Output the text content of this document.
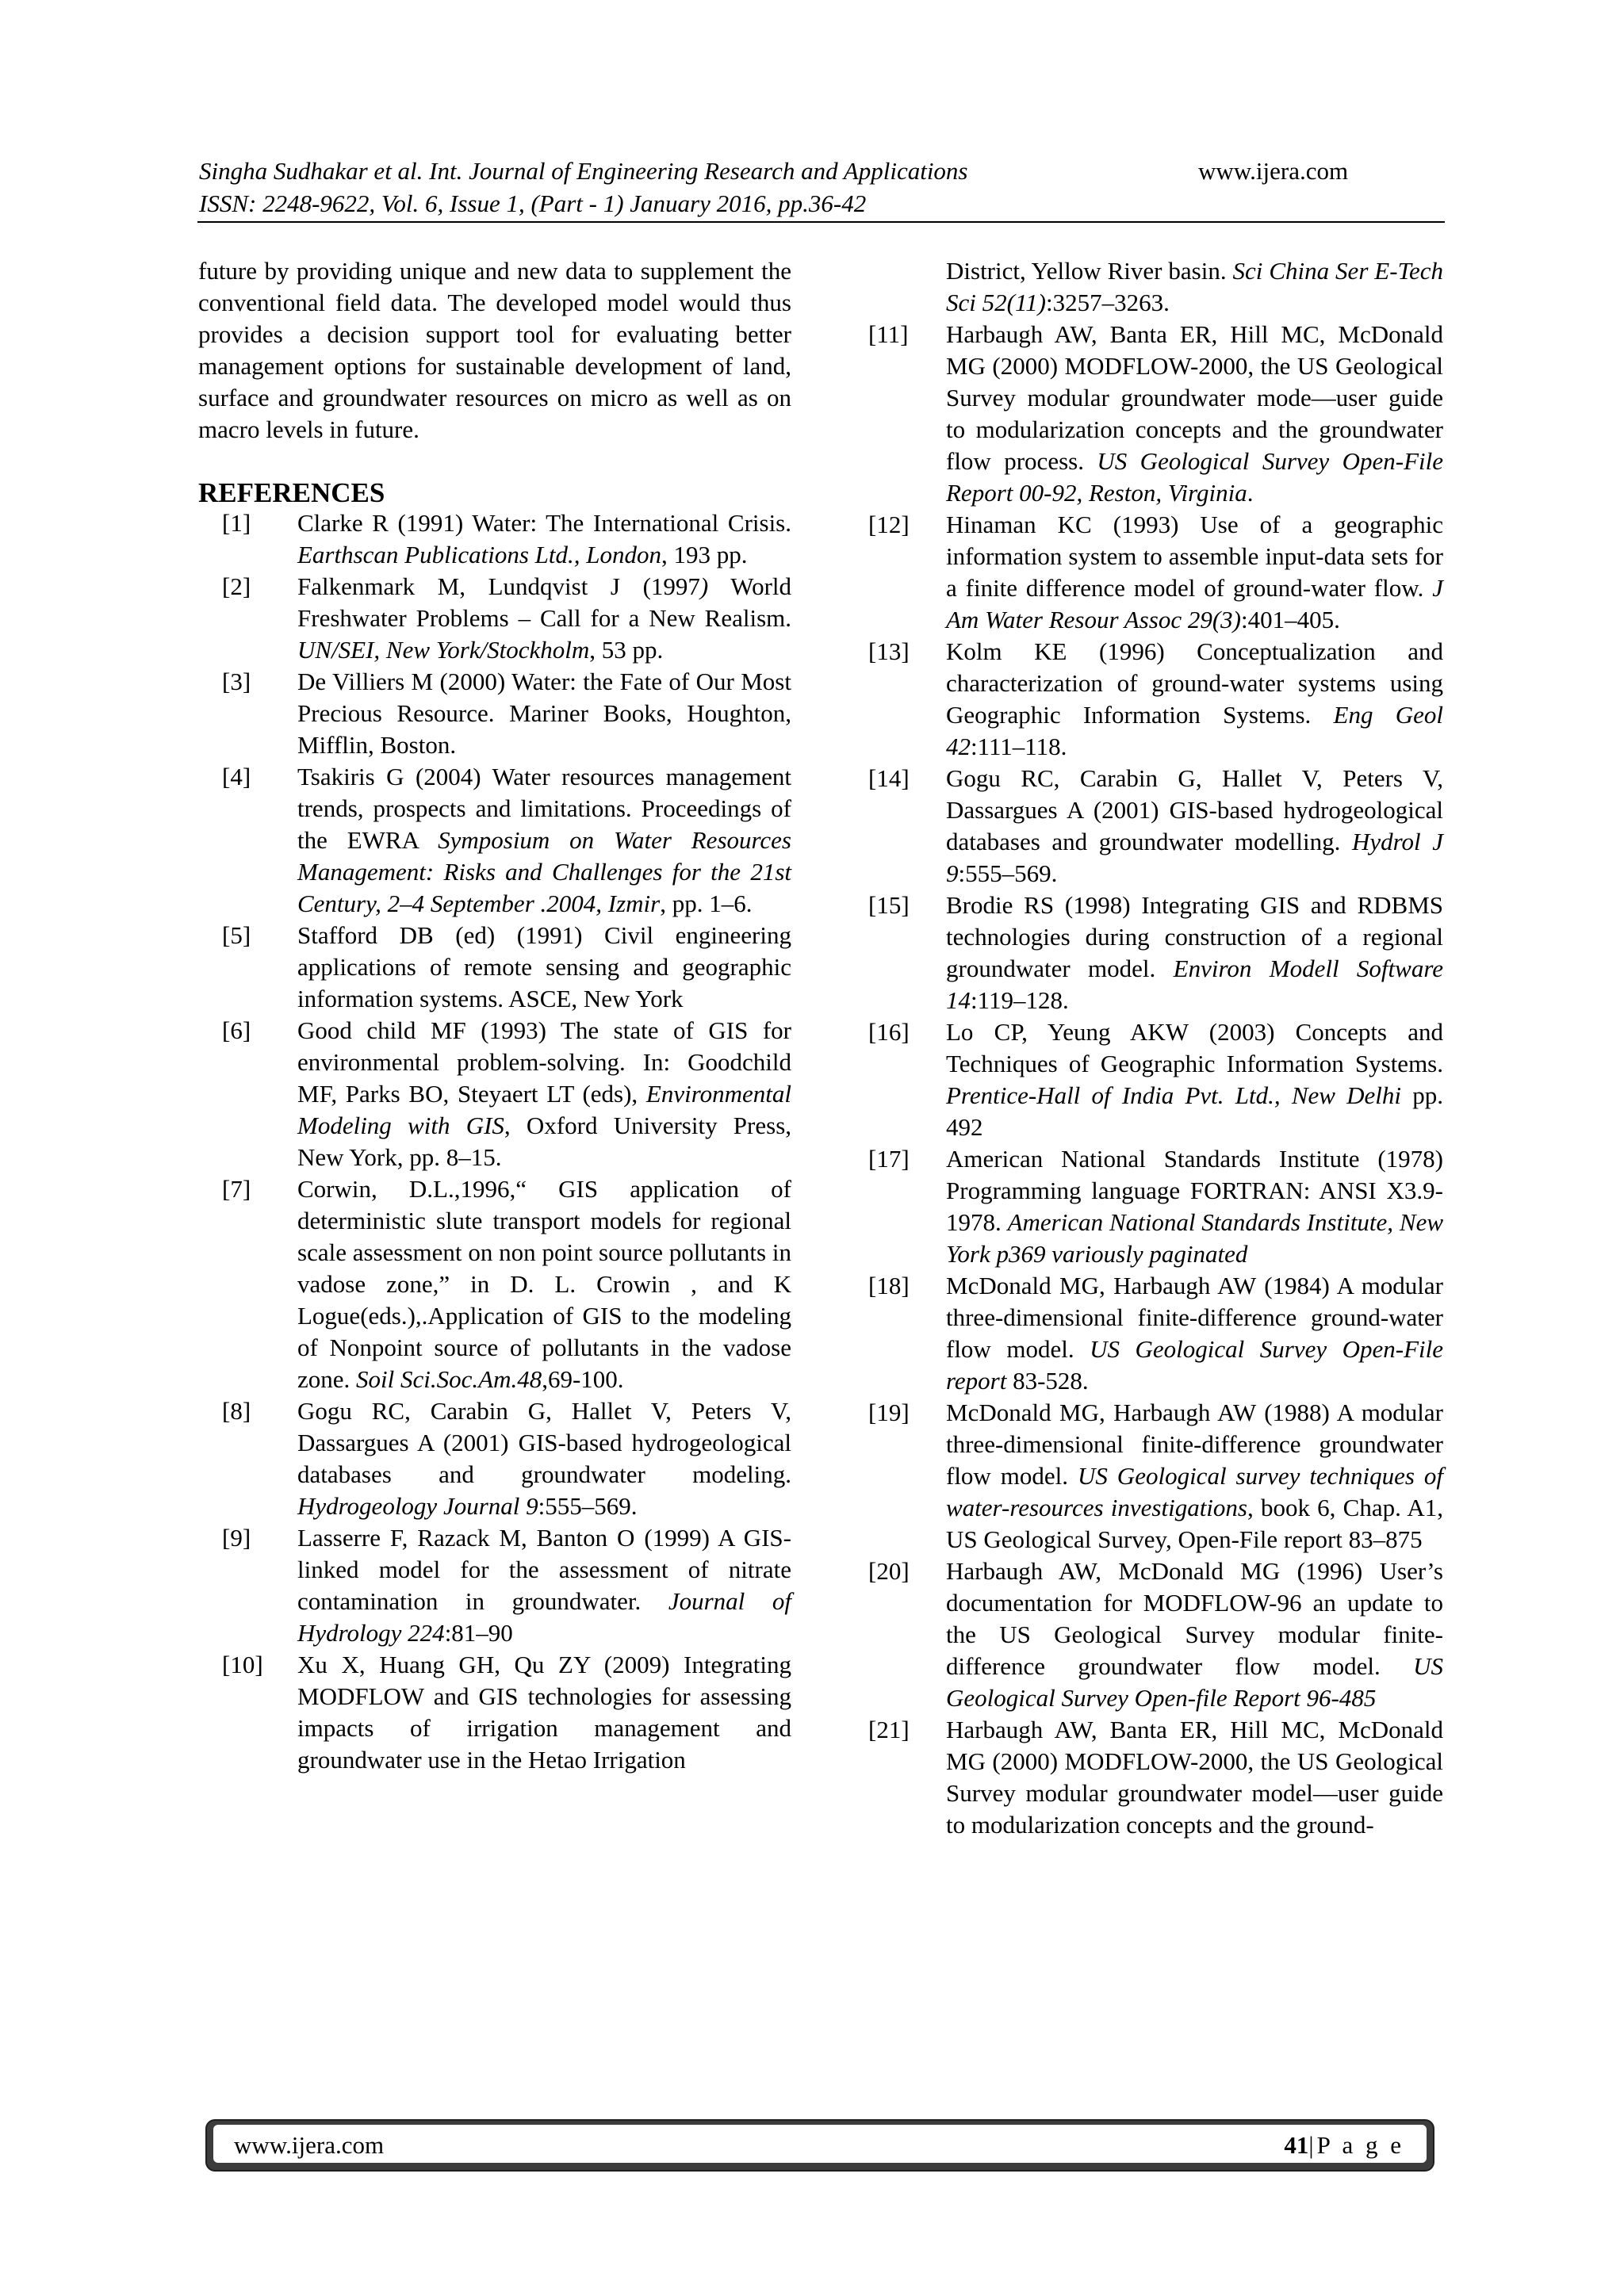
Singha Sudhakar et al. Int. Journal of Engineering Research and Applications	www.ijera.com
ISSN: 2248-9622, Vol. 6, Issue 1, (Part - 1) January 2016, pp.36-42

future by providing unique and new data to supplement the conventional field data. The developed model would thus provides a decision support tool for evaluating better management options for sustainable development of land, surface and groundwater resources on micro as well as on macro levels in future.

REFERENCES
[1] Clarke R (1991) Water: The International Crisis. Earthscan Publications Ltd., London, 193 pp.
[2] Falkenmark M, Lundqvist J (1997) World Freshwater Problems – Call for a New Realism. UN/SEI, New York/Stockholm, 53 pp.
[3] De Villiers M (2000) Water: the Fate of Our Most Precious Resource. Mariner Books, Houghton, Mifflin, Boston.
[4] Tsakiris G (2004) Water resources management trends, prospects and limitations. Proceedings of the EWRA Symposium on Water Resources Management: Risks and Challenges for the 21st Century, 2–4 September .2004, Izmir, pp. 1–6.
[5] Stafford DB (ed) (1991) Civil engineering applications of remote sensing and geographic information systems. ASCE, New York
[6] Good child MF (1993) The state of GIS for environmental problem-solving. In: Goodchild MF, Parks BO, Steyaert LT (eds), Environmental Modeling with GIS, Oxford University Press, New York, pp. 8–15.
[7] Corwin, D.L.,1996,“ GIS application of deterministic slute transport models for regional scale assessment on non point source pollutants in vadose zone,” in D. L. Crowin , and K Logue(eds.),.Application of GIS to the modeling of Nonpoint source of pollutants in the vadose zone. Soil Sci.Soc.Am.48,69-100.
[8] Gogu RC, Carabin G, Hallet V, Peters V, Dassargues A (2001) GIS-based hydrogeological databases and groundwater modeling. Hydrogeology Journal 9:555–569.
[9] Lasserre F, Razack M, Banton O (1999) A GIS-linked model for the assessment of nitrate contamination in groundwater. Journal of Hydrology 224:81–90
[10] Xu X, Huang GH, Qu ZY (2009) Integrating MODFLOW and GIS technologies for assessing impacts of irrigation management and groundwater use in the Hetao Irrigation
District, Yellow River basin. Sci China Ser E-Tech Sci 52(11):3257–3263.
[11] Harbaugh AW, Banta ER, Hill MC, McDonald MG (2000) MODFLOW-2000, the US Geological Survey modular groundwater mode—user guide to modularization concepts and the groundwater flow process. US Geological Survey Open-File Report 00-92, Reston, Virginia.
[12] Hinaman KC (1993) Use of a geographic information system to assemble input-data sets for a finite difference model of ground-water flow. J Am Water Resour Assoc 29(3):401–405.
[13] Kolm KE (1996) Conceptualization and characterization of ground-water systems using Geographic Information Systems. Eng Geol 42:111–118.
[14] Gogu RC, Carabin G, Hallet V, Peters V, Dassargues A (2001) GIS-based hydrogeological databases and groundwater modelling. Hydrol J 9:555–569.
[15] Brodie RS (1998) Integrating GIS and RDBMS technologies during construction of a regional groundwater model. Environ Modell Software 14:119–128.
[16] Lo CP, Yeung AKW (2003) Concepts and Techniques of Geographic Information Systems. Prentice-Hall of India Pvt. Ltd., New Delhi pp. 492
[17] American National Standards Institute (1978) Programming language FORTRAN: ANSI X3.9-1978. American National Standards Institute, New York p369 variously paginated
[18] McDonald MG, Harbaugh AW (1984) A modular three-dimensional finite-difference ground-water flow model. US Geological Survey Open-File report 83-528.
[19] McDonald MG, Harbaugh AW (1988) A modular three-dimensional finite-difference groundwater flow model. US Geological survey techniques of water-resources investigations, book 6, Chap. A1, US Geological Survey, Open-File report 83–875
[20] Harbaugh AW, McDonald MG (1996) User’s documentation for MODFLOW-96 an update to the US Geological Survey modular finite-difference groundwater flow model. US Geological Survey Open-file Report 96-485
[21] Harbaugh AW, Banta ER, Hill MC, McDonald MG (2000) MODFLOW-2000, the US Geological Survey modular groundwater model—user guide to modularization concepts and the ground-
www.ijera.com	41|P a g e
